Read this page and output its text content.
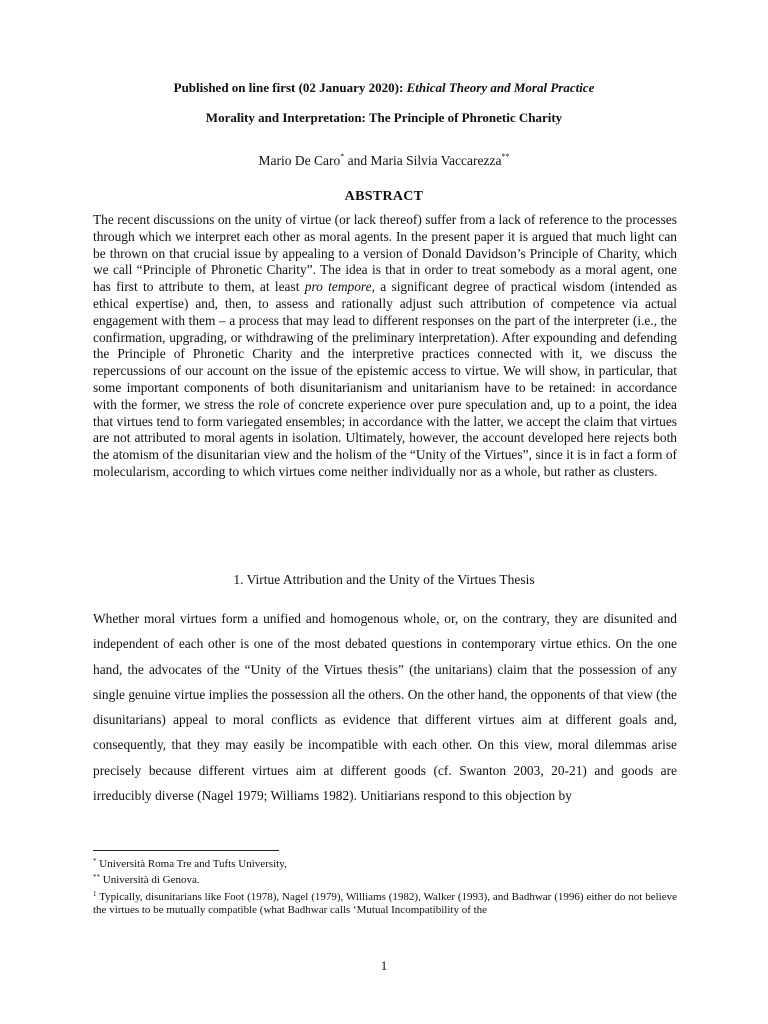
Published on line first (02 January 2020): Ethical Theory and Moral Practice
Morality and Interpretation: The Principle of Phronetic Charity
Mario De Caro* and Maria Silvia Vaccarezza**
ABSTRACT
The recent discussions on the unity of virtue (or lack thereof) suffer from a lack of reference to the processes through which we interpret each other as moral agents. In the present paper it is argued that much light can be thrown on that crucial issue by appealing to a version of Donald Davidson’s Principle of Charity, which we call “Principle of Phronetic Charity”. The idea is that in order to treat somebody as a moral agent, one has first to attribute to them, at least pro tempore, a significant degree of practical wisdom (intended as ethical expertise) and, then, to assess and rationally adjust such attribution of competence via actual engagement with them – a process that may lead to different responses on the part of the interpreter (i.e., the confirmation, upgrading, or withdrawing of the preliminary interpretation). After expounding and defending the Principle of Phronetic Charity and the interpretive practices connected with it, we discuss the repercussions of our account on the issue of the epistemic access to virtue. We will show, in particular, that some important components of both disunitarianism and unitarianism have to be retained: in accordance with the former, we stress the role of concrete experience over pure speculation and, up to a point, the idea that virtues tend to form variegated ensembles; in accordance with the latter, we accept the claim that virtues are not attributed to moral agents in isolation. Ultimately, however, the account developed here rejects both the atomism of the disunitarian view and the holism of the “Unity of the Virtues”, since it is in fact a form of molecularism, according to which virtues come neither individually nor as a whole, but rather as clusters.
1. Virtue Attribution and the Unity of the Virtues Thesis
Whether moral virtues form a unified and homogenous whole, or, on the contrary, they are disunited and independent of each other is one of the most debated questions in contemporary virtue ethics. On the one hand, the advocates of the “Unity of the Virtues thesis” (the unitarians) claim that the possession of any single genuine virtue implies the possession all the others. On the other hand, the opponents of that view (the disunitarians) appeal to moral conflicts as evidence that different virtues aim at different goals and, consequently, that they may easily be incompatible with each other. On this view, moral dilemmas arise precisely because different virtues aim at different goods (cf. Swanton 2003, 20-21) and goods are irreducibly diverse (Nagel 1979; Williams 1982). Unitiarians respond to this objection by
* Università Roma Tre and Tufts University,
** Università di Genova.
$^1$ Typically, disunitarians like Foot (1978), Nagel (1979), Williams (1982), Walker (1993), and Badhwar (1996) either do not believe the virtues to be mutually compatible (what Badhwar calls ‘Mutual Incompatibility of the
1
